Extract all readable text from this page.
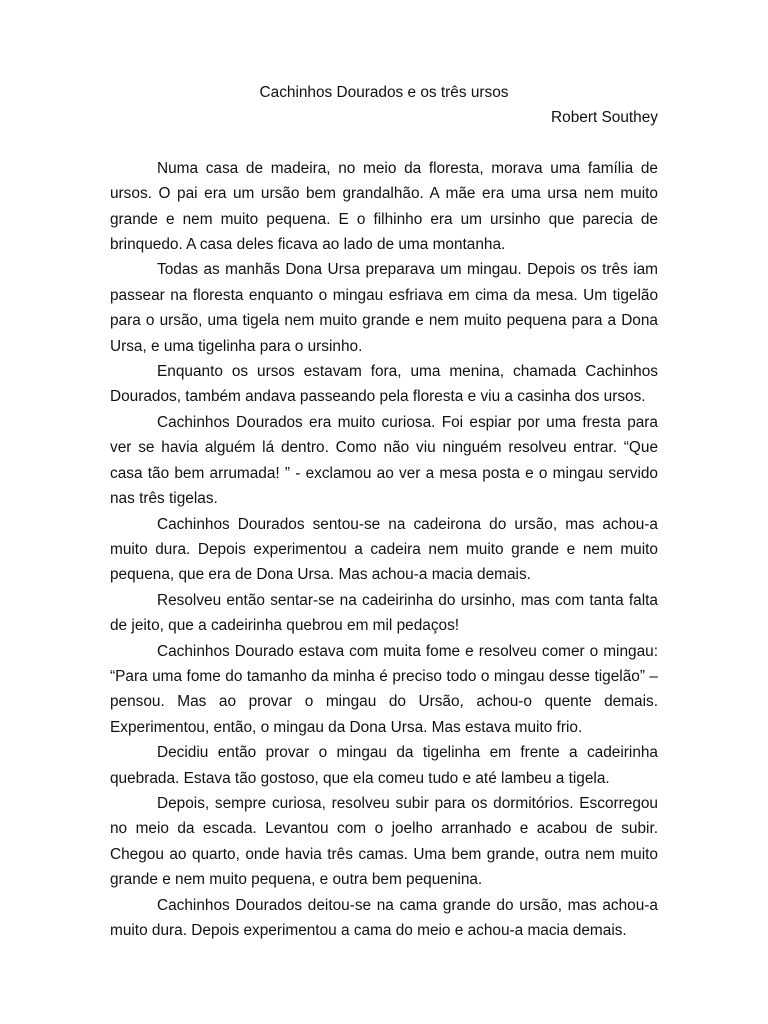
Cachinhos Dourados e os três ursos

Robert Southey

Numa casa de madeira, no meio da floresta, morava uma família de ursos. O pai era um ursão bem grandalhão. A mãe era uma ursa nem muito grande e nem muito pequena. E o filhinho era um ursinho que parecia de brinquedo. A casa deles ficava ao lado de uma montanha.

Todas as manhãs Dona Ursa preparava um mingau. Depois os três iam passear na floresta enquanto o mingau esfriava em cima da mesa. Um tigelão para o ursão, uma tigela nem muito grande e nem muito pequena para a Dona Ursa, e uma tigelinha para o ursinho.

Enquanto os ursos estavam fora, uma menina, chamada Cachinhos Dourados, também andava passeando pela floresta e viu a casinha dos ursos.

Cachinhos Dourados era muito curiosa. Foi espiar por uma fresta para ver se havia alguém lá dentro. Como não viu ninguém resolveu entrar. “Que casa tão bem arrumada! ” - exclamou ao ver a mesa posta e o mingau servido nas três tigelas.

Cachinhos Dourados sentou-se na cadeirona do ursão, mas achou-a muito dura. Depois experimentou a cadeira nem muito grande e nem muito pequena, que era de Dona Ursa. Mas achou-a macia demais.

Resolveu então sentar-se na cadeirinha do ursinho, mas com tanta falta de jeito, que a cadeirinha quebrou em mil pedaços!

Cachinhos Dourado estava com muita fome e resolveu comer o mingau: “Para uma fome do tamanho da minha é preciso todo o mingau desse tigelão” – pensou. Mas ao provar o mingau do Ursão, achou-o quente demais. Experimentou, então, o mingau da Dona Ursa. Mas estava muito frio.

Decidiu então provar o mingau da tigelinha em frente a cadeirinha quebrada. Estava tão gostoso, que ela comeu tudo e até lambeu a tigela.

Depois, sempre curiosa, resolveu subir para os dormitórios. Escorregou no meio da escada. Levantou com o joelho arranhado e acabou de subir. Chegou ao quarto, onde havia três camas. Uma bem grande, outra nem muito grande e nem muito pequena, e outra bem pequenina.

Cachinhos Dourados deitou-se na cama grande do ursão, mas achou-a muito dura. Depois experimentou a cama do meio e achou-a macia demais.
